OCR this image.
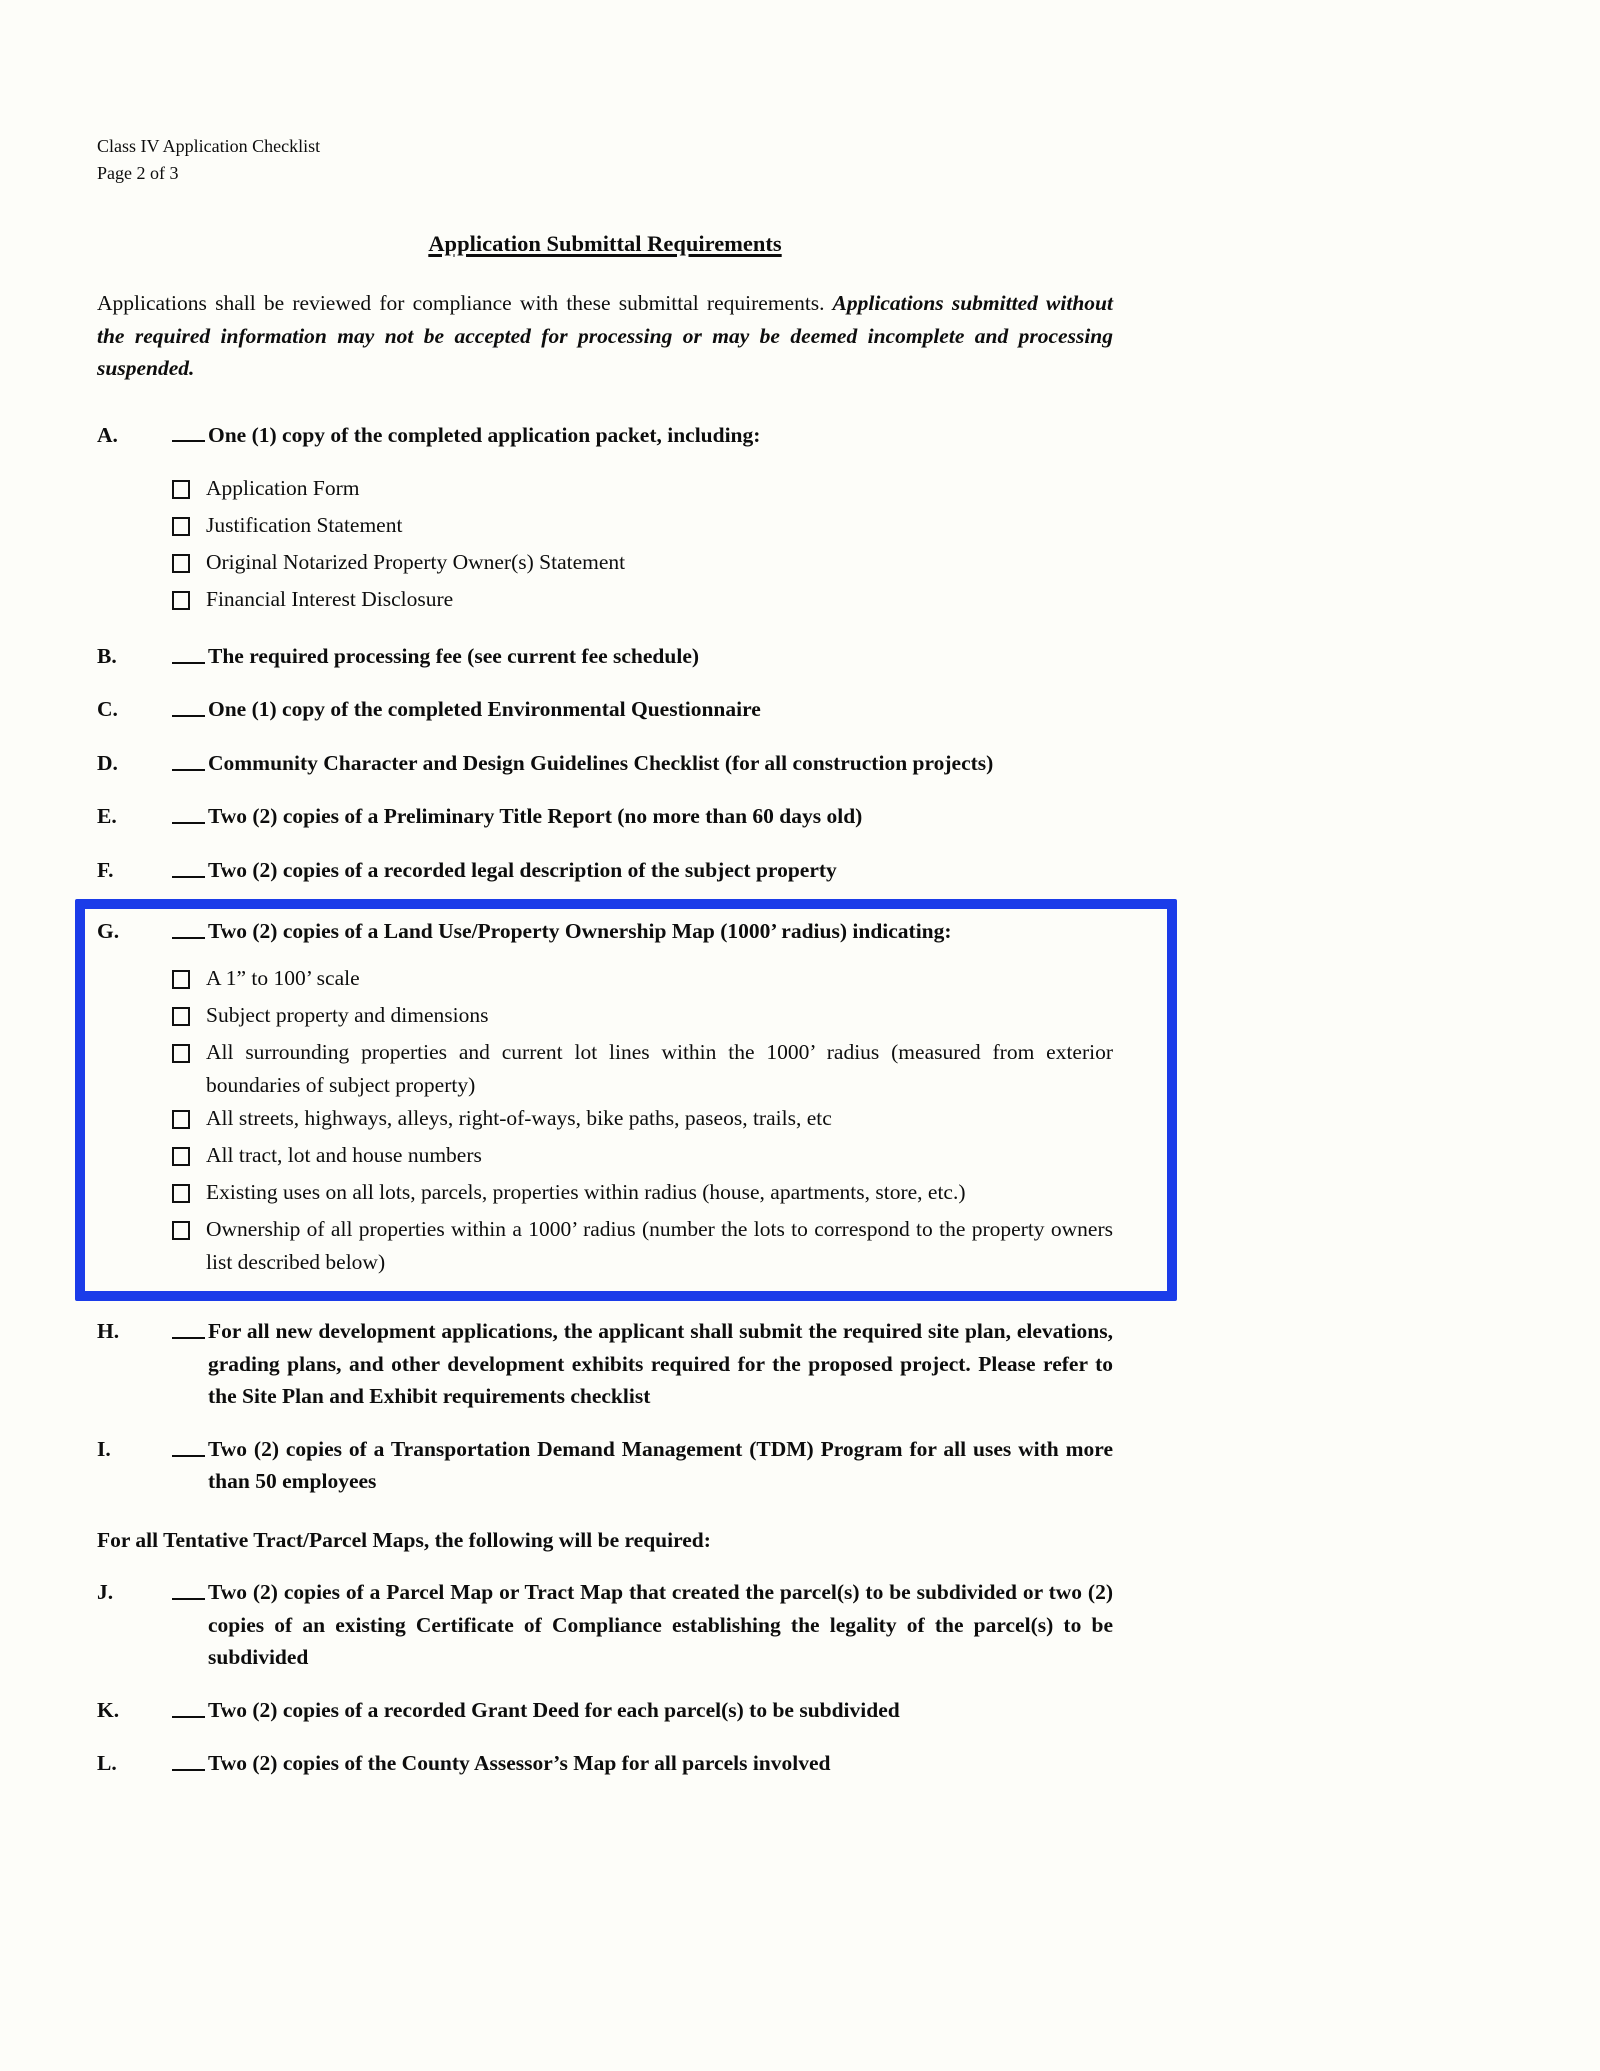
Class IV Application Checklist
Page 2 of 3
Application Submittal Requirements

Applications shall be reviewed for compliance with these submittal requirements. Applications submitted without the required information may not be accepted for processing or may be deemed incomplete and processing suspended.

A.	One (1) copy of the completed application packet, including:
Application Form
Justification Statement
Original Notarized Property Owner(s) Statement
Financial Interest Disclosure
B.	The required processing fee (see current fee schedule)
C.	One (1) copy of the completed Environmental Questionnaire
D.	Community Character and Design Guidelines Checklist (for all construction projects)
E.	Two (2) copies of a Preliminary Title Report (no more than 60 days old)
F.	Two (2) copies of a recorded legal description of the subject property
G.	Two (2) copies of a Land Use/Property Ownership Map (1000’ radius) indicating:
A 1” to 100’ scale
Subject property and dimensions
All surrounding properties and current lot lines within the 1000’ radius (measured from exterior boundaries of subject property)
All streets, highways, alleys, right-of-ways, bike paths, paseos, trails, etc
All tract, lot and house numbers
Existing uses on all lots, parcels, properties within radius (house, apartments, store, etc.)
Ownership of all properties within a 1000’ radius (number the lots to correspond to the property owners list described below)
H.	For all new development applications, the applicant shall submit the required site plan, elevations, grading plans, and other development exhibits required for the proposed project. Please refer to the Site Plan and Exhibit requirements checklist
I.	Two (2) copies of a Transportation Demand Management (TDM) Program for all uses with more than 50 employees
For all Tentative Tract/Parcel Maps, the following will be required:
J.	Two (2) copies of a Parcel Map or Tract Map that created the parcel(s) to be subdivided or two (2) copies of an existing Certificate of Compliance establishing the legality of the parcel(s) to be subdivided
K.	Two (2) copies of a recorded Grant Deed for each parcel(s) to be subdivided
L.	Two (2) copies of the County Assessor’s Map for all parcels involved
